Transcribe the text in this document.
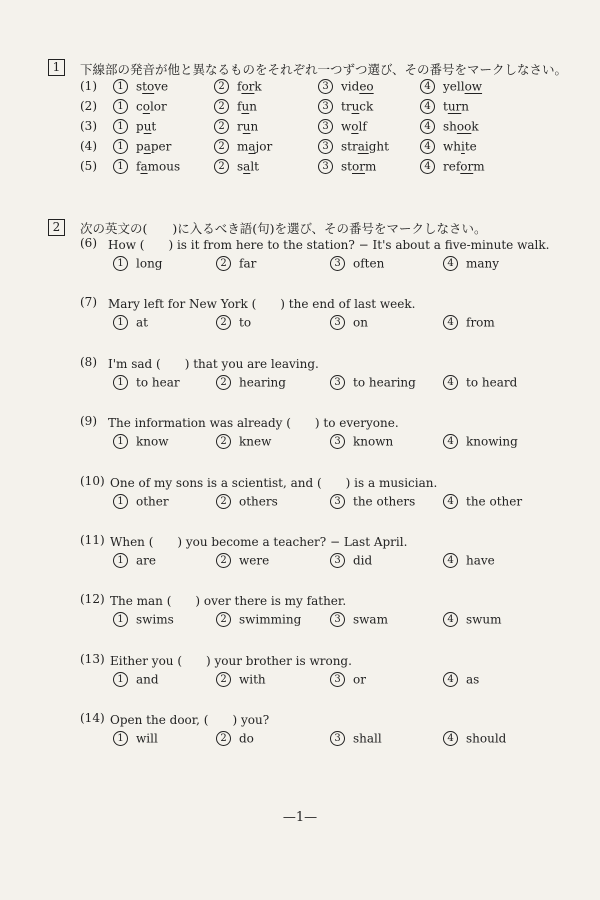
1	下線部の発音が他と異なるものをそれぞれ一つずつ選び、その番号をマークしなさい。
(1)	1 stove	2 fork	3 video	4 yellow
(2)	1 color	2 fun	3 truck	4 turn
(3)	1 put	2 run	3 wolf	4 shook
(4)	1 paper	2 major	3 straight	4 white
(5)	1 famous	2 salt	3 storm	4 reform
2	次の英文の(　　)に入るべき語(句)を選び、その番号をマークしなさい。
(6) How (　　) is it from here to the station? − It's about a five-minute walk.
1 long	2 far	3 often	4 many
(7) Mary left for New York (　　) the end of last week.
1 at	2 to	3 on	4 from
(8) I'm sad (　　) that you are leaving.
1 to hear	2 hearing	3 to hearing	4 to heard
(9) The information was already (　　) to everyone.
1 know	2 knew	3 known	4 knowing
(10) One of my sons is a scientist, and (　　) is a musician.
1 other	2 others	3 the others	4 the other
(11) When (　　) you become a teacher? − Last April.
1 are	2 were	3 did	4 have
(12) The man (　　) over there is my father.
1 swims	2 swimming	3 swam	4 swum
(13) Either you (　　) your brother is wrong.
1 and	2 with	3 or	4 as
(14) Open the door, (　　) you?
1 will	2 do	3 shall	4 should
—1—
